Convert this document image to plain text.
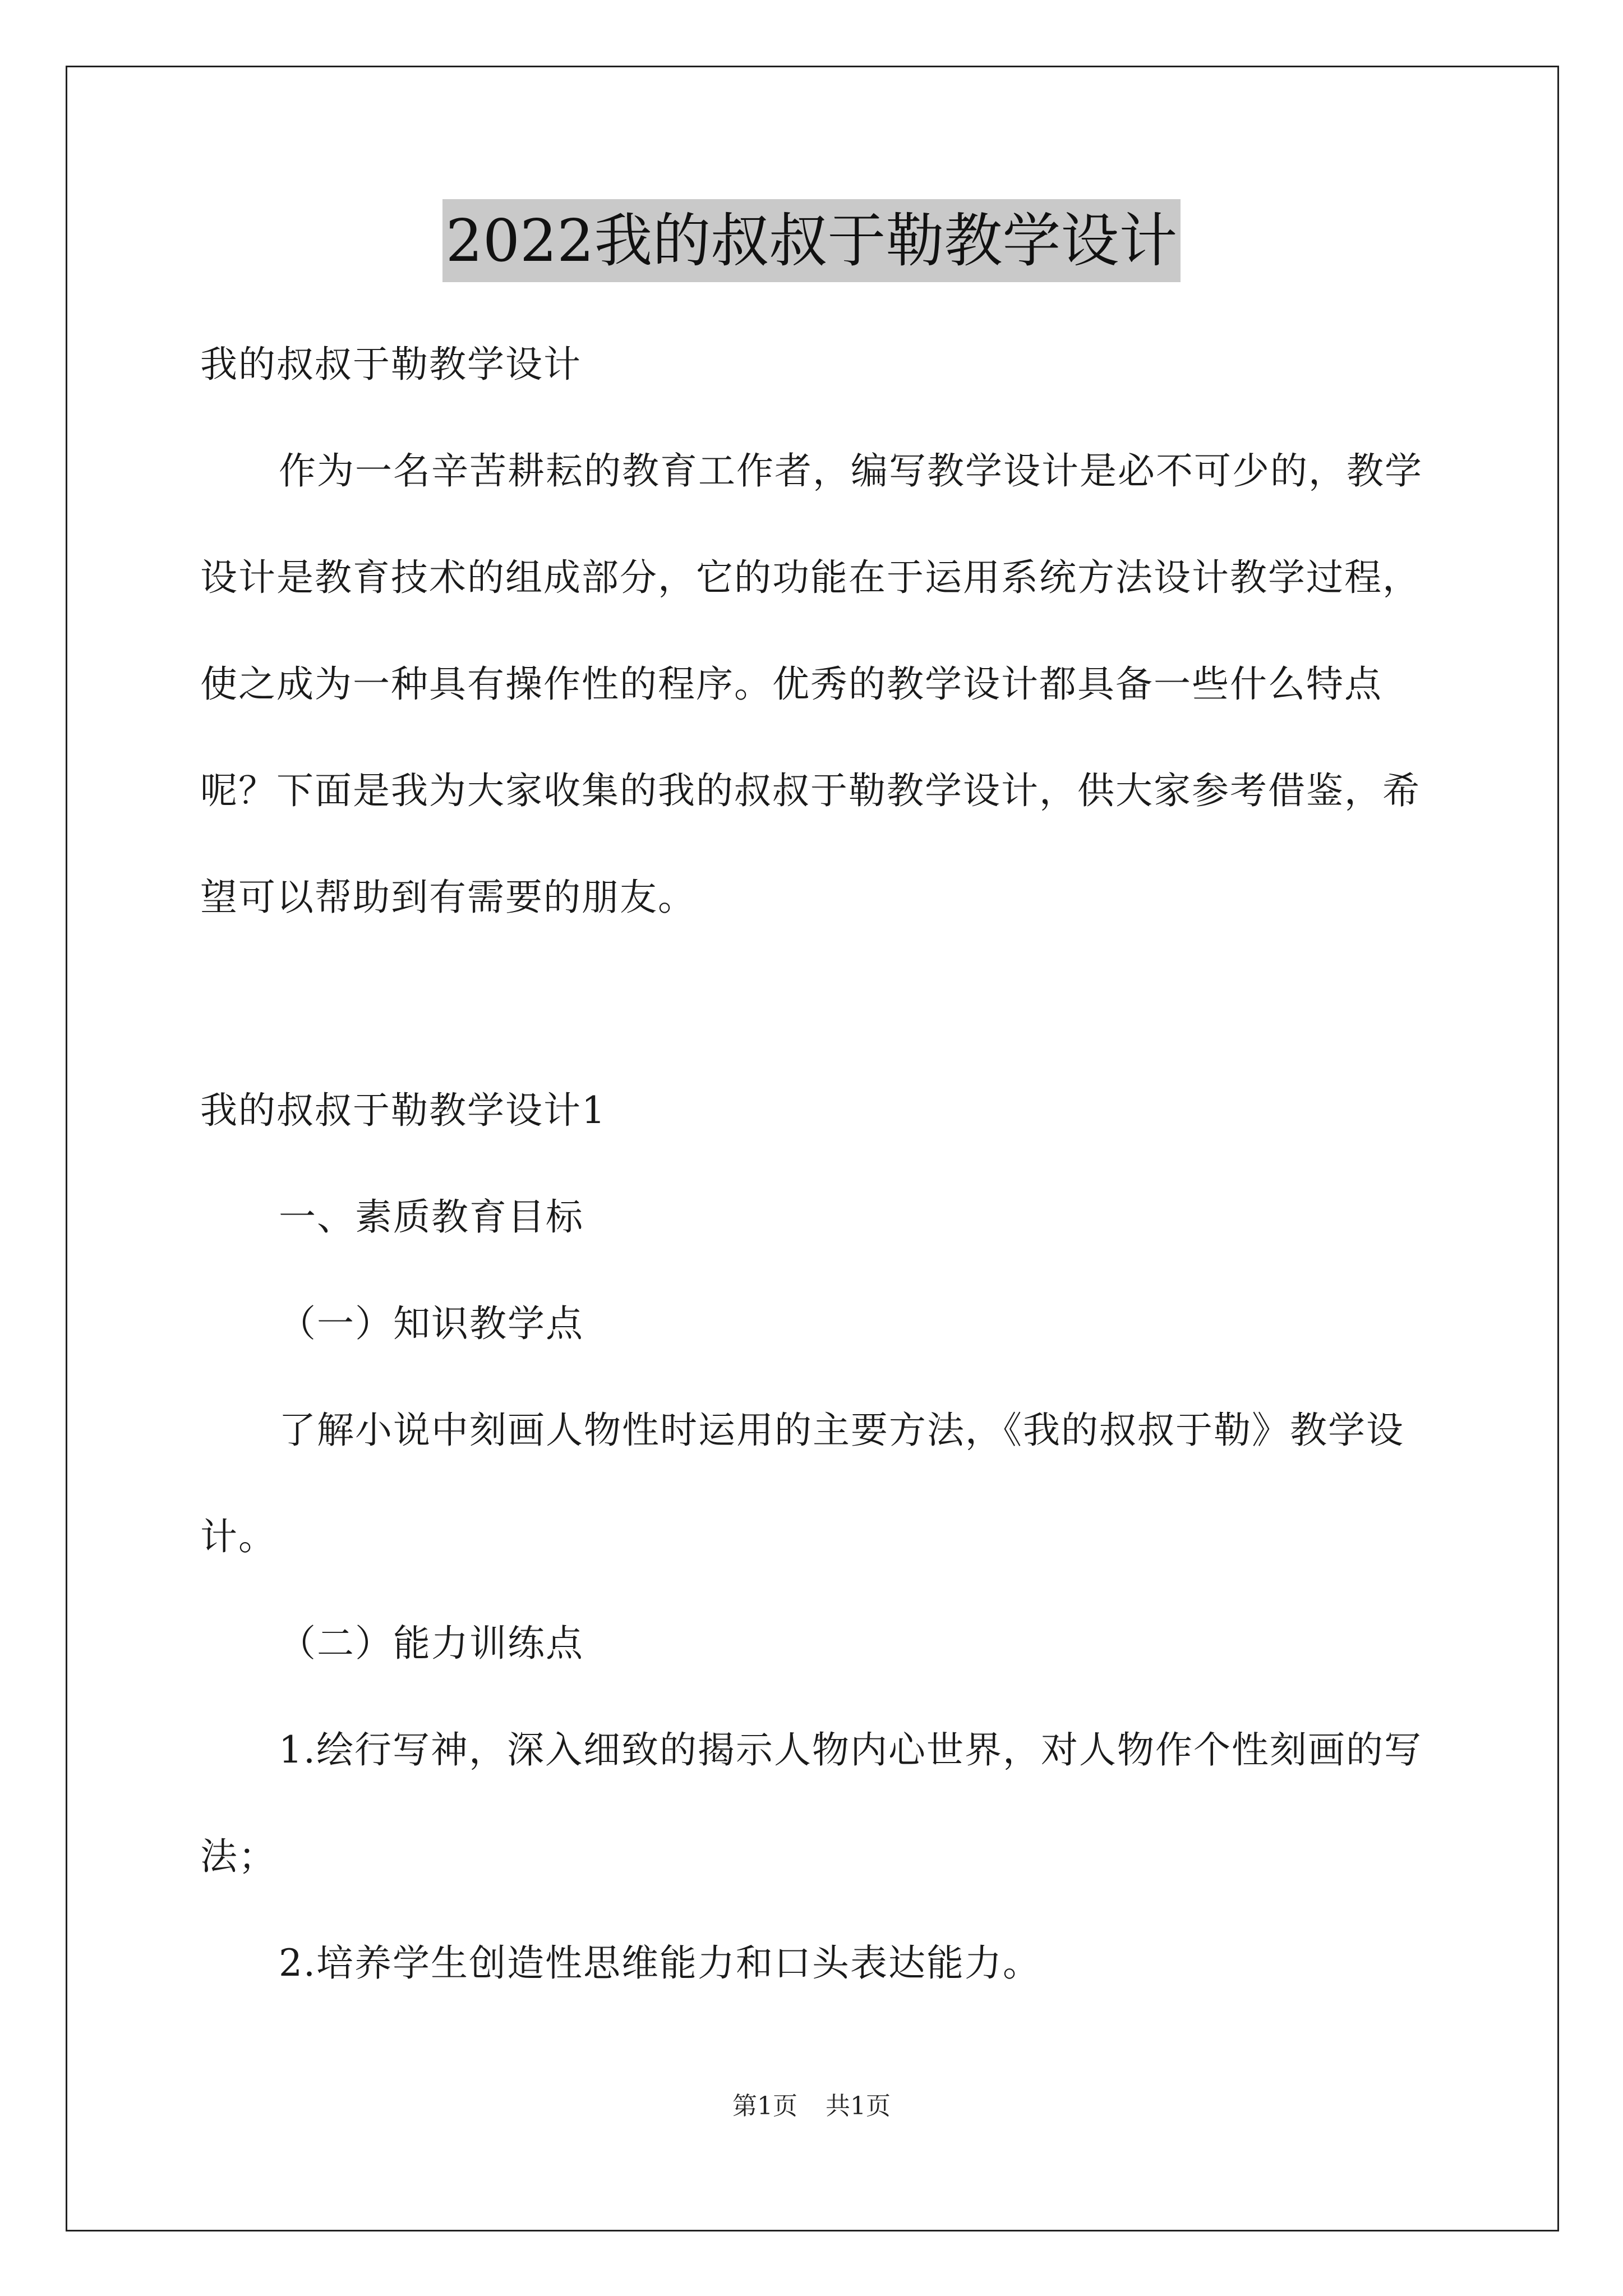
2022我的叔叔于勒教学设计

我的叔叔于勒教学设计

作为一名辛苦耕耘的教育工作者，编写教学设计是必不可少的，教学设计是教育技术的组成部分，它的功能在于运用系统方法设计教学过程，使之成为一种具有操作性的程序。优秀的教学设计都具备一些什么特点呢？下面是我为大家收集的我的叔叔于勒教学设计，供大家参考借鉴，希望可以帮助到有需要的朋友。

我的叔叔于勒教学设计1

一、素质教育目标

（一）知识教学点

了解小说中刻画人物性时运用的主要方法，《我的叔叔于勒》教学设计。

（二）能力训练点

1.绘行写神，深入细致的揭示人物内心世界，对人物作个性刻画的写法；

2.培养学生创造性思维能力和口头表达能力。

第1页 共1页
